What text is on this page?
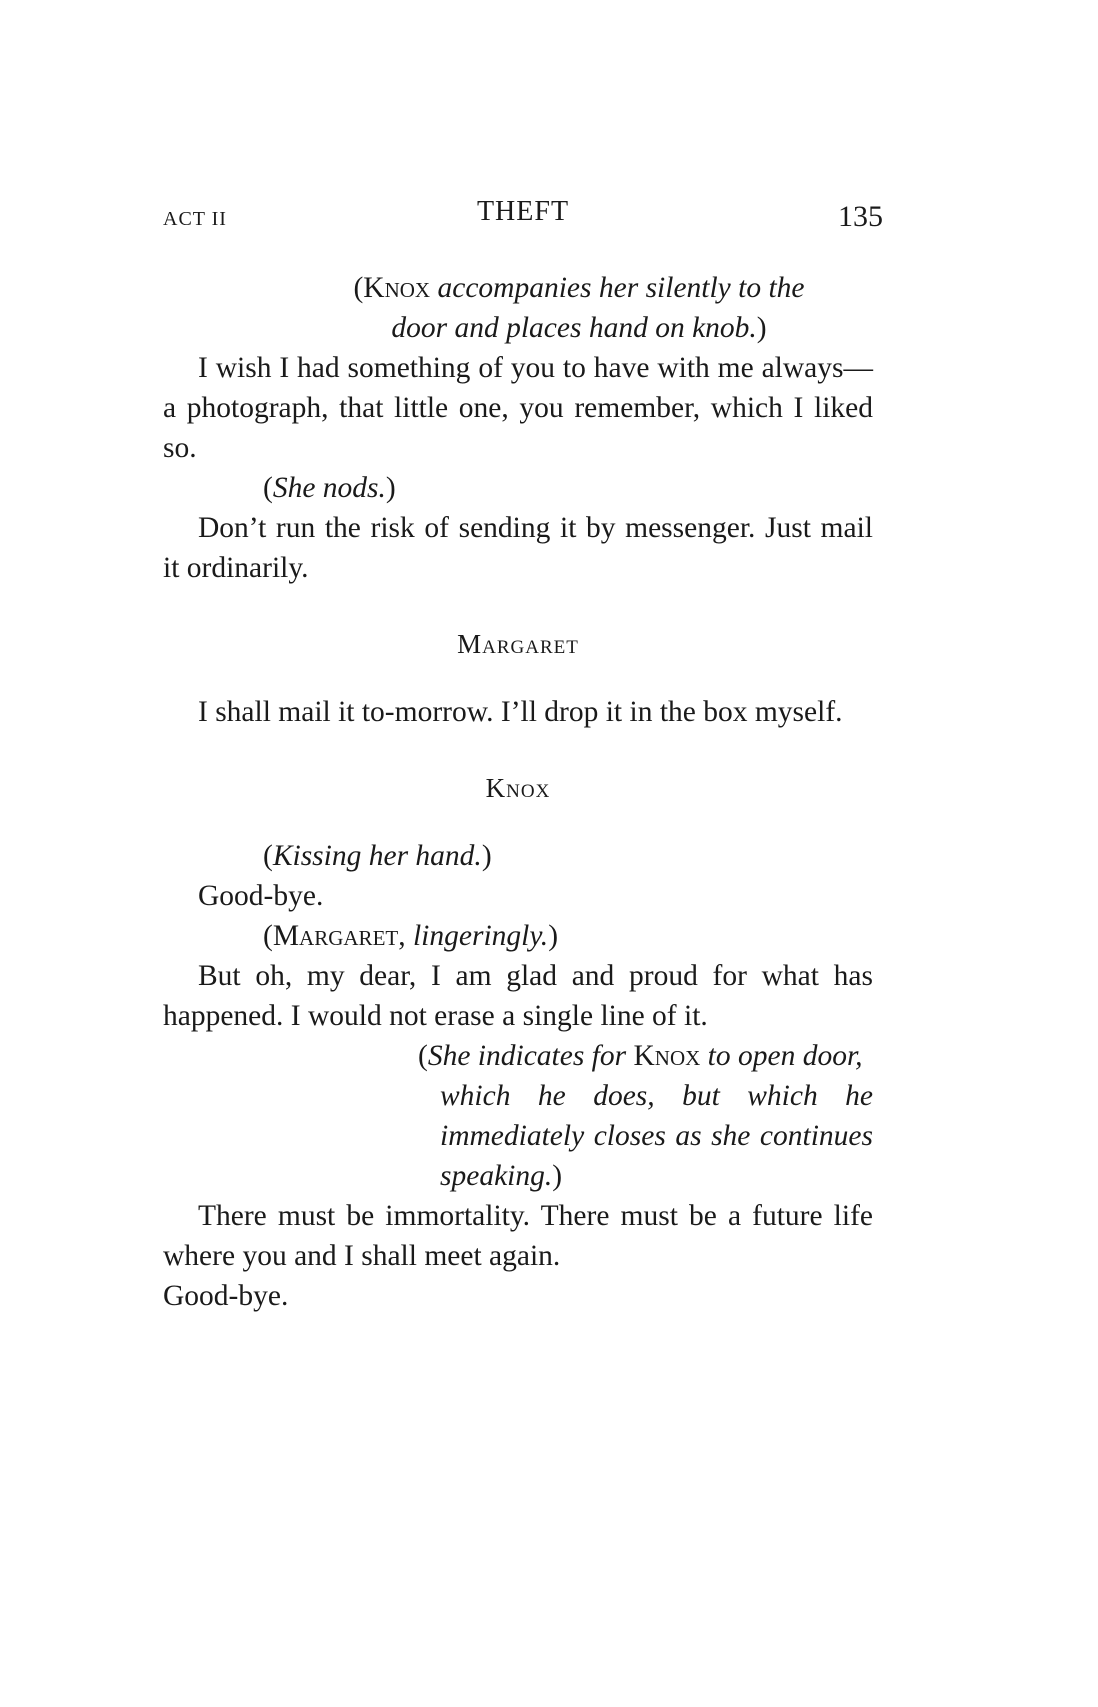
ACT II	THEFT	135

(Knox accompanies her silently to the
door and places hand on knob.)

I wish I had something of you to have with me always—a photograph, that little one, you remember, which I liked so.

(She nods.)

Don’t run the risk of sending it by messenger. Just mail it ordinarily.

Margaret

I shall mail it to-morrow. I’ll drop it in the box myself.

Knox

(Kissing her hand.)

Good-bye.

(Margaret, lingeringly.)

But oh, my dear, I am glad and proud for what has happened. I would not erase a single line of it.

(She indicates for Knox to open door,
which he does, but which he immediately closes as she continues speaking.)

There must be immortality. There must be a future life where you and I shall meet again.

Good-bye.
